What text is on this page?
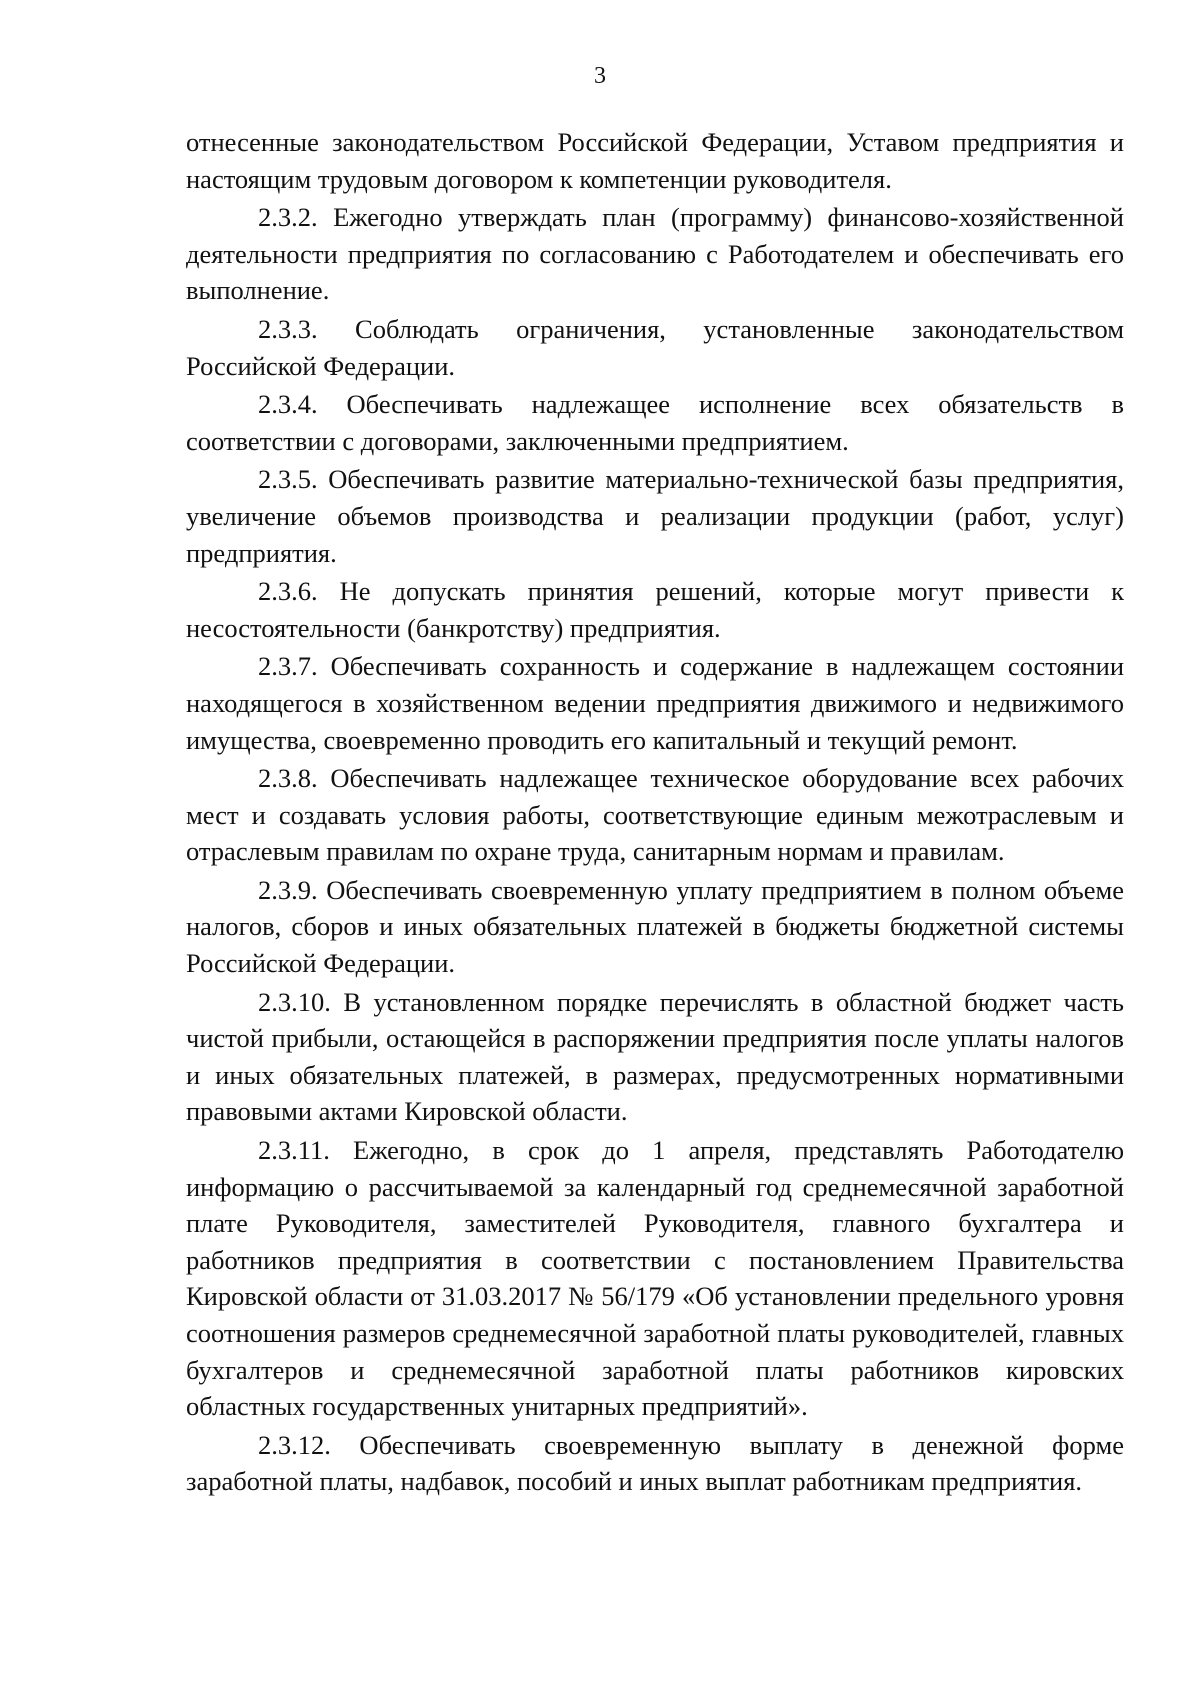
3

отнесенные законодательством Российской Федерации, Уставом предприятия и настоящим трудовым договором к компетенции руководителя.

2.3.2. Ежегодно утверждать план (программу) финансово-хозяйственной деятельности предприятия по согласованию с Работодателем и обеспечивать его выполнение.

2.3.3. Соблюдать ограничения, установленные законодательством Российской Федерации.

2.3.4. Обеспечивать надлежащее исполнение всех обязательств в соответствии с договорами, заключенными предприятием.

2.3.5. Обеспечивать развитие материально-технической базы предприятия, увеличение объемов производства и реализации продукции (работ, услуг) предприятия.

2.3.6. Не допускать принятия решений, которые могут привести к несостоятельности (банкротству) предприятия.

2.3.7. Обеспечивать сохранность и содержание в надлежащем состоянии находящегося в хозяйственном ведении предприятия движимого и недвижимого имущества, своевременно проводить его капитальный и текущий ремонт.

2.3.8. Обеспечивать надлежащее техническое оборудование всех рабочих мест и создавать условия работы, соответствующие единым межотраслевым и отраслевым правилам по охране труда, санитарным нормам и правилам.

2.3.9. Обеспечивать своевременную уплату предприятием в полном объеме налогов, сборов и иных обязательных платежей в бюджеты бюджетной системы Российской Федерации.

2.3.10. В установленном порядке перечислять в областной бюджет часть чистой прибыли, остающейся в распоряжении предприятия после уплаты налогов и иных обязательных платежей, в размерах, предусмотренных нормативными правовыми актами Кировской области.

2.3.11. Ежегодно, в срок до 1 апреля, представлять Работодателю информацию о рассчитываемой за календарный год среднемесячной заработной плате Руководителя, заместителей Руководителя, главного бухгалтера и работников предприятия в соответствии с постановлением Правительства Кировской области от 31.03.2017 № 56/179 «Об установлении предельного уровня соотношения размеров среднемесячной заработной платы руководителей, главных бухгалтеров и среднемесячной заработной платы работников кировских областных государственных унитарных предприятий».

2.3.12. Обеспечивать своевременную выплату в денежной форме заработной платы, надбавок, пособий и иных выплат работникам предприятия.
